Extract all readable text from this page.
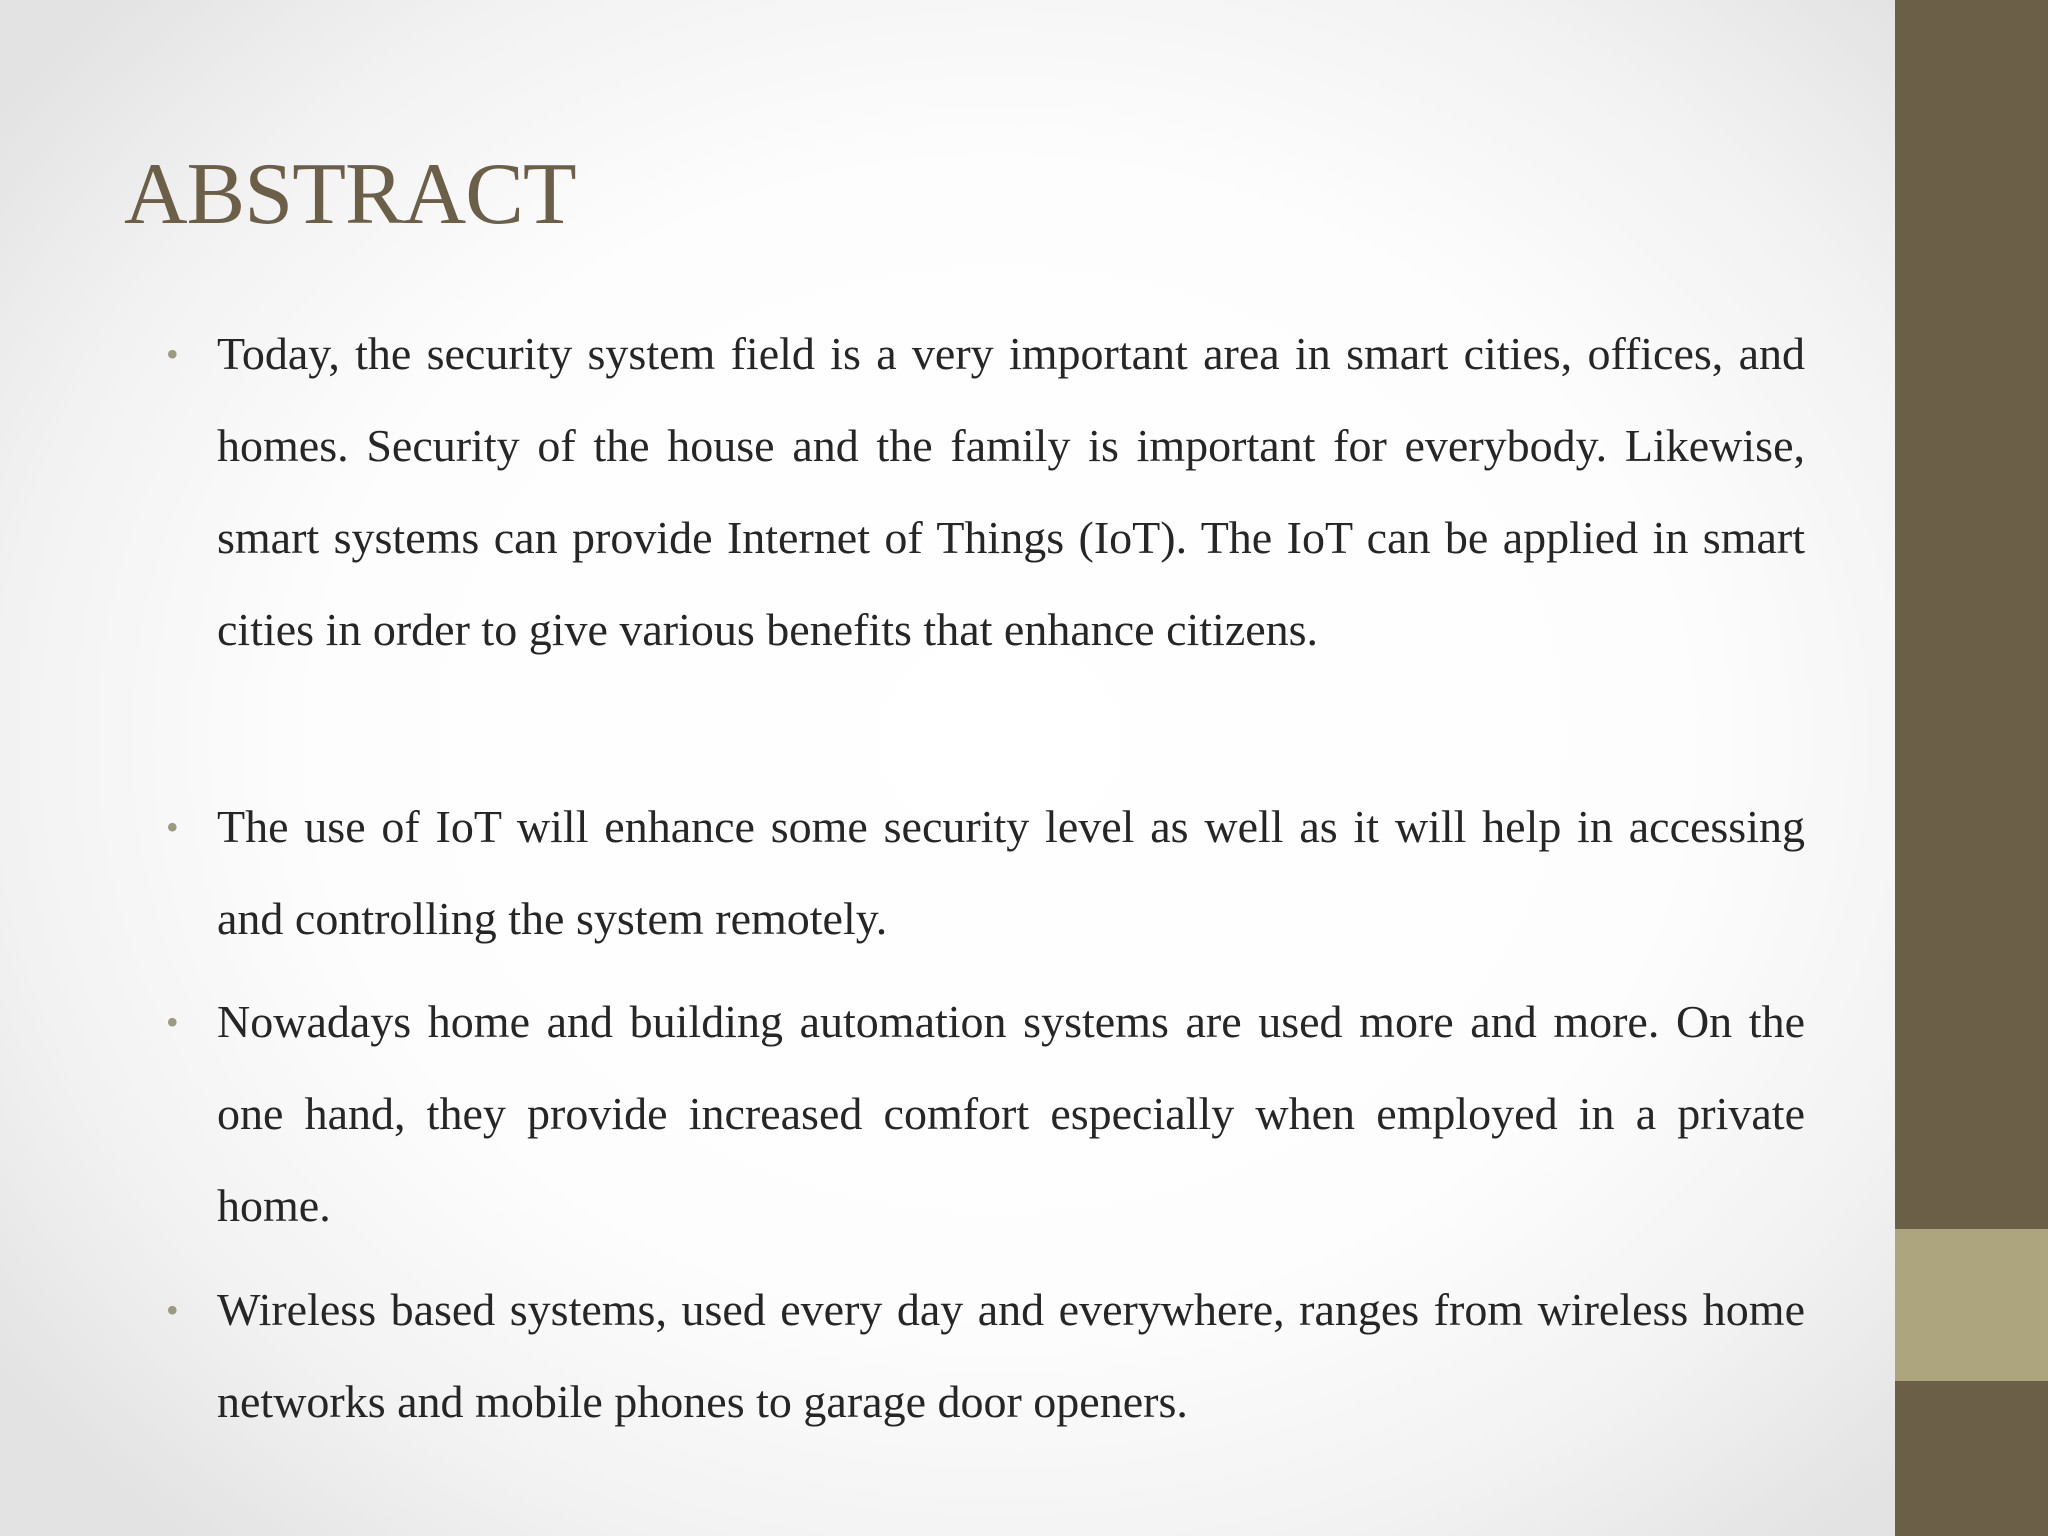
ABSTRACT
• Today, the security system field is a very important area in smart cities, offices, and homes. Security of the house and the family is important for everybody. Likewise, smart systems can provide Internet of Things (IoT). The IoT can be applied in smart cities in order to give various benefits that enhance citizens.

• The use of IoT will enhance some security level as well as it will help in accessing and controlling the system remotely.

• Nowadays home and building automation systems are used more and more. On the one hand, they provide increased comfort especially when employed in a private home.

• Wireless based systems, used every day and everywhere, ranges from wireless home networks and mobile phones to garage door openers.
